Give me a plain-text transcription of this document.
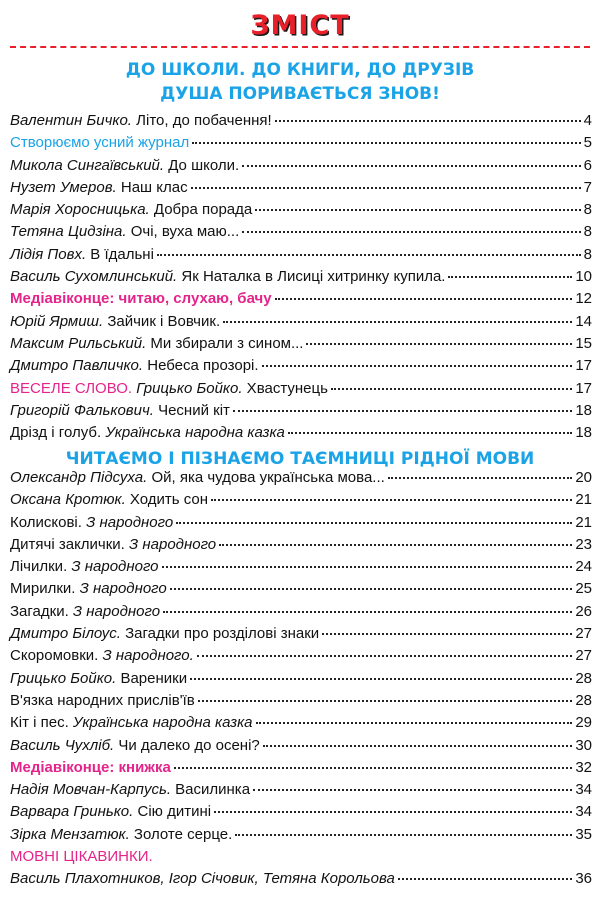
ЗМІСТ
ДО ШКОЛИ. ДО КНИГИ, ДО ДРУЗІВ
ДУША ПОРИВАЄТЬСЯ ЗНОВ!
Валентин Бичко. Літо, до побачення!	4
Створюємо усний журнал	5
Микола Сингаївський. До школи.	6
Нузет Умеров. Наш клас	7
Марія Хоросницька. Добра порада	8
Тетяна Цидзіна. Очі, вуха маю...	8
Лідія Повх. В їдальні	8
Василь Сухомлинський. Як Наталка в Лисиці хитринку купила.	10
Медіавіконце: читаю, слухаю, бачу	12
Юрій Ярмиш. Зайчик і Вовчик.	14
Максим Рильський. Ми збирали з сином...	15
Дмитро Павличко. Небеса прозорі.	17
ВЕСЕЛЕ СЛОВО. Грицько Бойко. Хвастунець	17
Григорій Фалькович. Чесний кіт	18
Дрізд і голуб. Українська народна казка	18
ЧИТАЄМО І ПІЗНАЄМО ТАЄМНИЦІ РІДНОЇ МОВИ
Олександр Підсуха. Ой, яка чудова українська мова...	20
Оксана Кротюк. Ходить сон	21
Колискові. З народного	21
Дитячі заклички. З народного	23
Лічилки. З народного	24
Мирилки. З народного	25
Загадки. З народного	26
Дмитро Білоус. Загадки про розділові знаки	27
Скоромовки. З народного.	27
Грицько Бойко. Вареники	28
В'язка народних прислів'їв	28
Кіт і пес. Українська народна казка	29
Василь Чухліб. Чи далеко до осені?	30
Медіавіконце: книжка	32
Надія Мовчан-Карпусь. Василинка	34
Варвара Гринько. Сію дитині	34
Зірка Мензатюк. Золоте серце.	35
МОВНІ ЦІКАВИНКИ.
Василь Плахотников, Ігор Січовик, Тетяна Корольова	36
